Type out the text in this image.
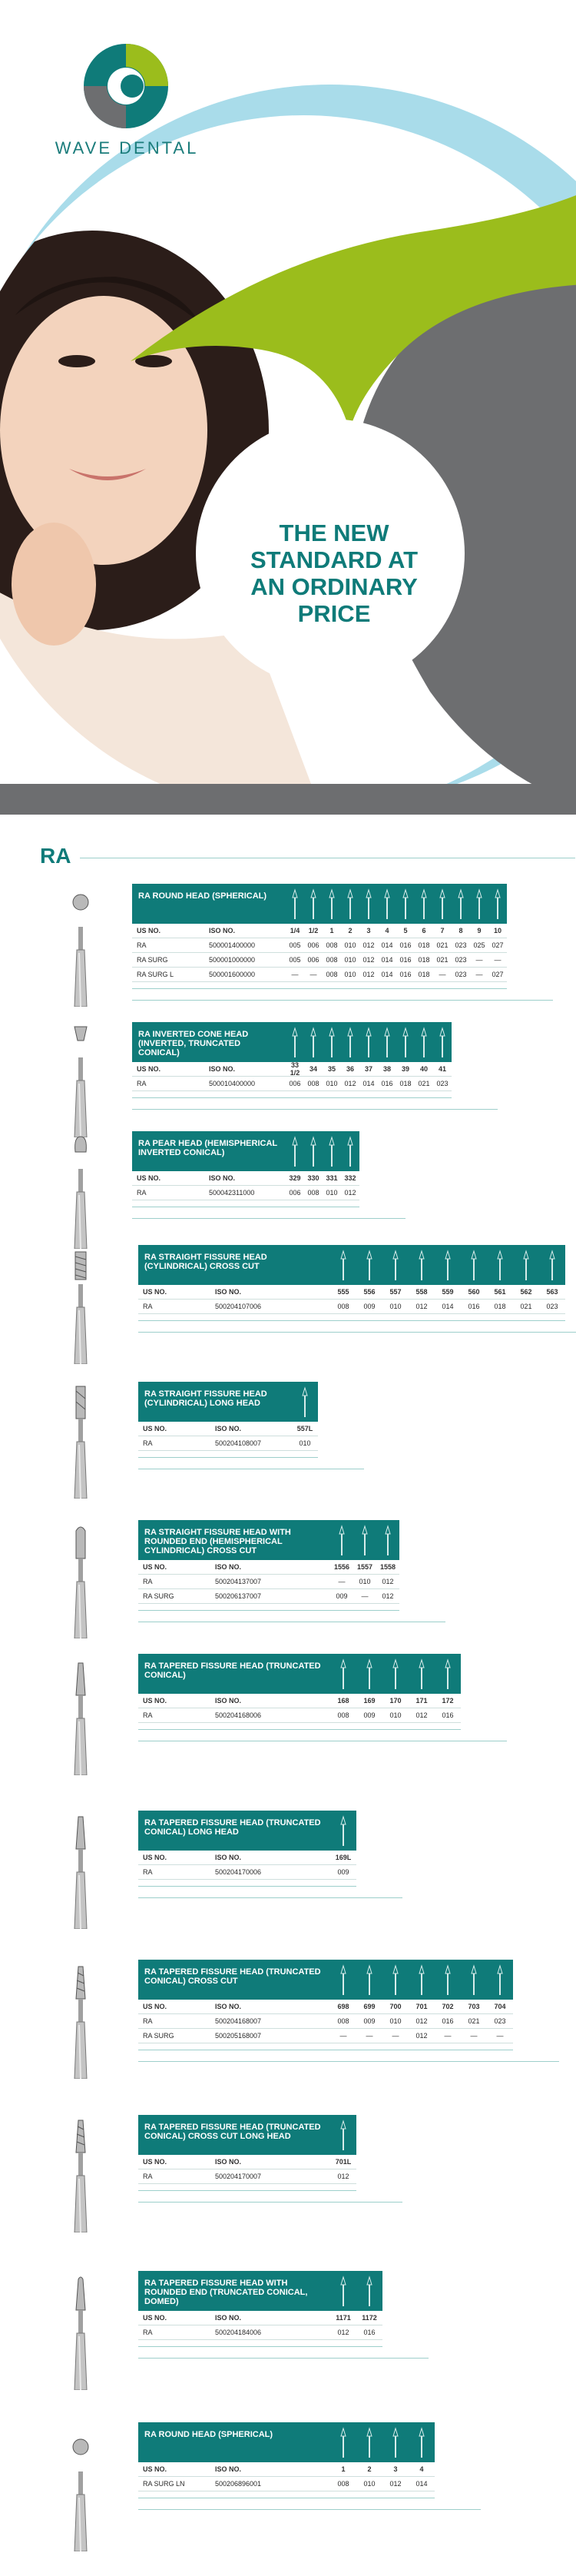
WAVE DENTAL
THE NEW
STANDARD AT
AN ORDINARY
PRICE
RA
RA ROUND HEAD (SPHERICAL)
US NO.	ISO NO.	1/4	1/2	1	2	3	4	5	6	7	8	9	10
RA	500001400000	005 006 008 010 012 014 016 018 021 023 025 027
RA SURG	500001000000	005 006 008 010 012 014 016 018 021 023	—	—
RA SURG L	500001600000	—	—	008 010 012 014 016 018	—	023	—	027
RA INVERTED CONE HEAD (INVERTED, TRUNCATED CONICAL)
US NO.	ISO NO.	33 1/2	34	35	36	37	38	39	40	41
RA	500010400000	006 008 010 012 014 016 018 021 023
RA PEAR HEAD (HEMISPHERICAL INVERTED CONICAL)
US NO.	ISO NO.	329 330 331 332
RA	500042311000	006 008 010 012
RA STRAIGHT FISSURE HEAD (CYLINDRICAL) CROSS CUT
US NO.	ISO NO.	555	556	557	558	559	560	561	562	563
RA	500204107006	008	009	010	012	014	016	018	021	023
RA STRAIGHT FISSURE HEAD (CYLINDRICAL) LONG HEAD
US NO.	ISO NO.	557L
RA	500204108007	010
RA STRAIGHT FISSURE HEAD WITH ROUNDED END (HEMISPHERICAL CYLINDRICAL) CROSS CUT
US NO.	ISO NO.	1556	1557	1558
RA	500204137007	—	010	012
RA SURG	500206137007	009	—	012
RA TAPERED FISSURE HEAD (TRUNCATED CONICAL)
US NO.	ISO NO.	168	169	170	171	172
RA	500204168006	008	009	010	012	016
RA TAPERED FISSURE HEAD (TRUNCATED CONICAL) LONG HEAD
US NO.	ISO NO.	169L
RA	500204170006	009
RA TAPERED FISSURE HEAD (TRUNCATED CONICAL) CROSS CUT
US NO.	ISO NO.	698	699	700	701	702	703	704
RA	500204168007	008	009	010	012	016	021	023
RA SURG	500205168007	—	—	—	012	—	—	—
RA TAPERED FISSURE HEAD (TRUNCATED CONICAL) CROSS CUT LONG HEAD
US NO.	ISO NO.	701L
RA	500204170007	012
RA TAPERED FISSURE HEAD WITH ROUNDED END (TRUNCATED CONICAL, DOMED)
US NO.	ISO NO.	1171	1172
RA	500204184006	012	016
RA ROUND HEAD (SPHERICAL)
US NO.	ISO NO.	1	2	3	4
RA SURG LN	500206896001	008	010	012	014
